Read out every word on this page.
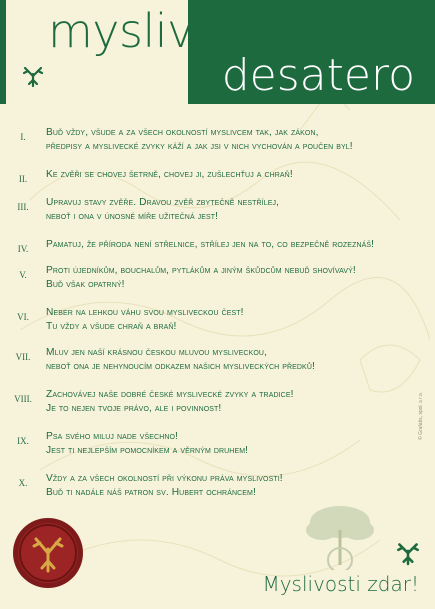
myslivecké
desatero
I.	Buď vždy, všude a za všech okolností myslivcem tak, jak zákon,
předpisy a myslivecké zvyky káží a jak jsi v nich vychován a poučen byl!
II.	Ke zvěři se chovej šetrně, chovej ji, zušlechťuj a chraň!
III.	Upravuj stavy zvěře. Dravou zvěř zbytečně nestřílej,
neboť i ona v únosné míře užitečná jest!
IV.	Pamatuj, že příroda není střelnice, střílej jen na to, co bezpečně rozeznáš!
V.	Proti újedníkům, bouchalům, pytlákům a jiným škůdcům nebuď shovívavý!
Buď však opatrný!
VI.	Neber na lehkou váhu svou mysliveckou čest!
Tu vždy a všude chraň a braň!
VII.	Mluv jen naší krásnou českou mluvou mysliveckou,
neboť ona je nehynoucím odkazem našich mysliveckých předků!
VIII.	Zachovávej naše dobré české myslivecké zvyky a tradice!
Je to nejen tvoje právo, ale i povinnost!
IX.	Psa svého miluj nade všechno!
Jest ti nejlepším pomocníkem a věrným druhem!
X.	Vždy a za všech okolností při výkonu práva myslivosti!
Buď ti nadále náš patron sv. Hubert ochráncem!
Myslivosti zdar!
© Grafatis, spol. s r.o.
